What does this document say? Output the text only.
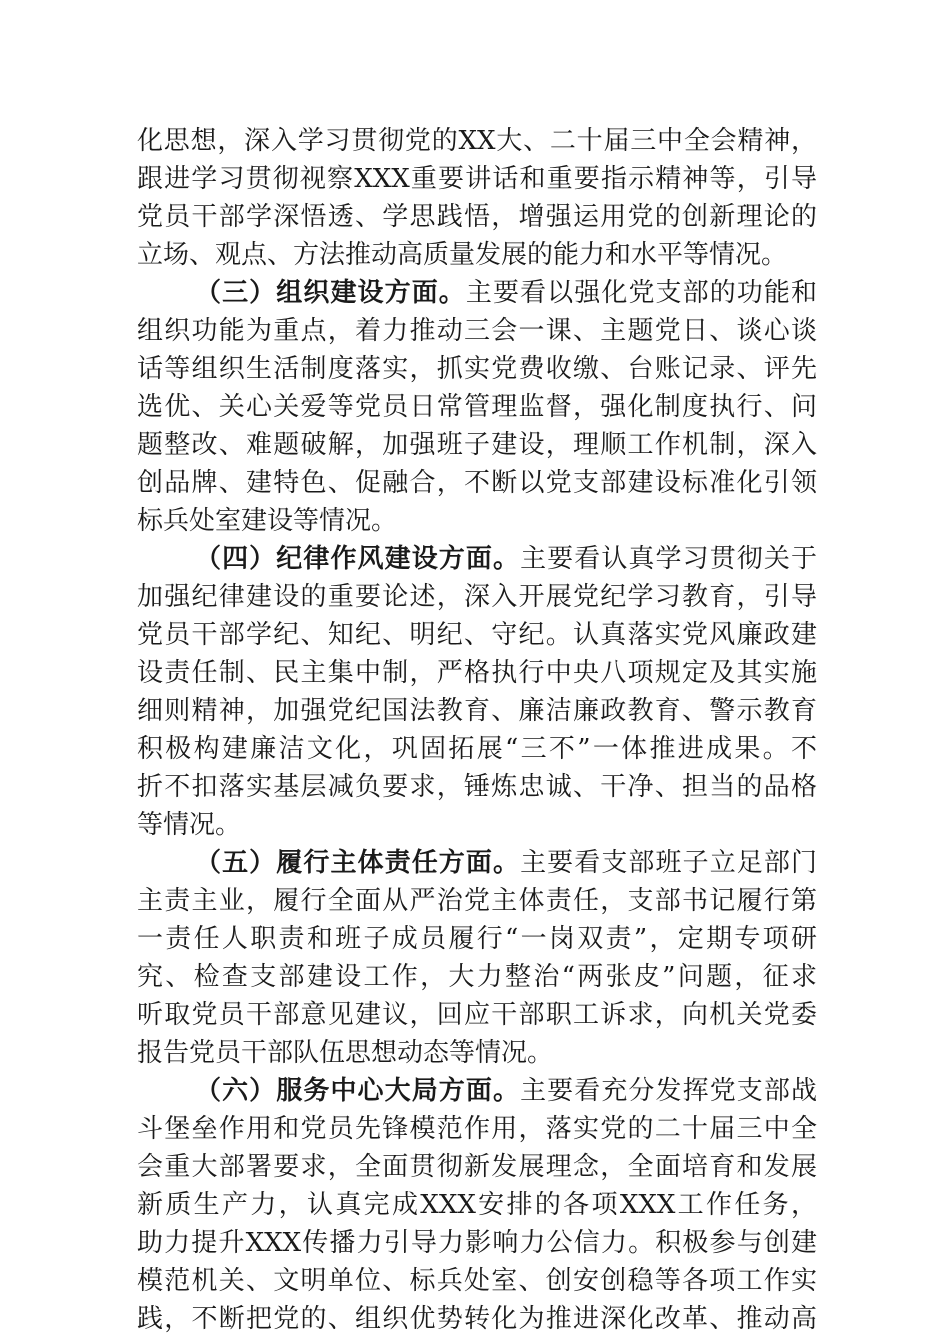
化思想，深入学习贯彻党的XX大、二十届三中全会精神，
跟进学习贯彻视察XXX重要讲话和重要指示精神等，引导
党员干部学深悟透、学思践悟，增强运用党的创新理论的
立场、观点、方法推动高质量发展的能力和水平等情况。
（三）组织建设方面。主要看以强化党支部的功能和
组织功能为重点，着力推动三会一课、主题党日、谈心谈
话等组织生活制度落实，抓实党费收缴、台账记录、评先
选优、关心关爱等党员日常管理监督，强化制度执行、问
题整改、难题破解，加强班子建设，理顺工作机制，深入
创品牌、建特色、促融合，不断以党支部建设标准化引领
标兵处室建设等情况。
（四）纪律作风建设方面。主要看认真学习贯彻关于
加强纪律建设的重要论述，深入开展党纪学习教育，引导
党员干部学纪、知纪、明纪、守纪。认真落实党风廉政建
设责任制、民主集中制，严格执行中央八项规定及其实施
细则精神，加强党纪国法教育、廉洁廉政教育、警示教育
积极构建廉洁文化，巩固拓展“三不”一体推进成果。不
折不扣落实基层减负要求，锤炼忠诚、干净、担当的品格
等情况。
（五）履行主体责任方面。主要看支部班子立足部门
主责主业，履行全面从严治党主体责任，支部书记履行第
一责任人职责和班子成员履行“一岗双责”，定期专项研
究、检查支部建设工作，大力整治“两张皮”问题，征求
听取党员干部意见建议，回应干部职工诉求，向机关党委
报告党员干部队伍思想动态等情况。
（六）服务中心大局方面。主要看充分发挥党支部战
斗堡垒作用和党员先锋模范作用，落实党的二十届三中全
会重大部署要求，全面贯彻新发展理念，全面培育和发展
新质生产力，认真完成XXX安排的各项XXX工作任务，
助力提升XXX传播力引导力影响力公信力。积极参与创建
模范机关、文明单位、标兵处室、创安创稳等各项工作实
践，不断把党的、组织优势转化为推进深化改革、推动高
